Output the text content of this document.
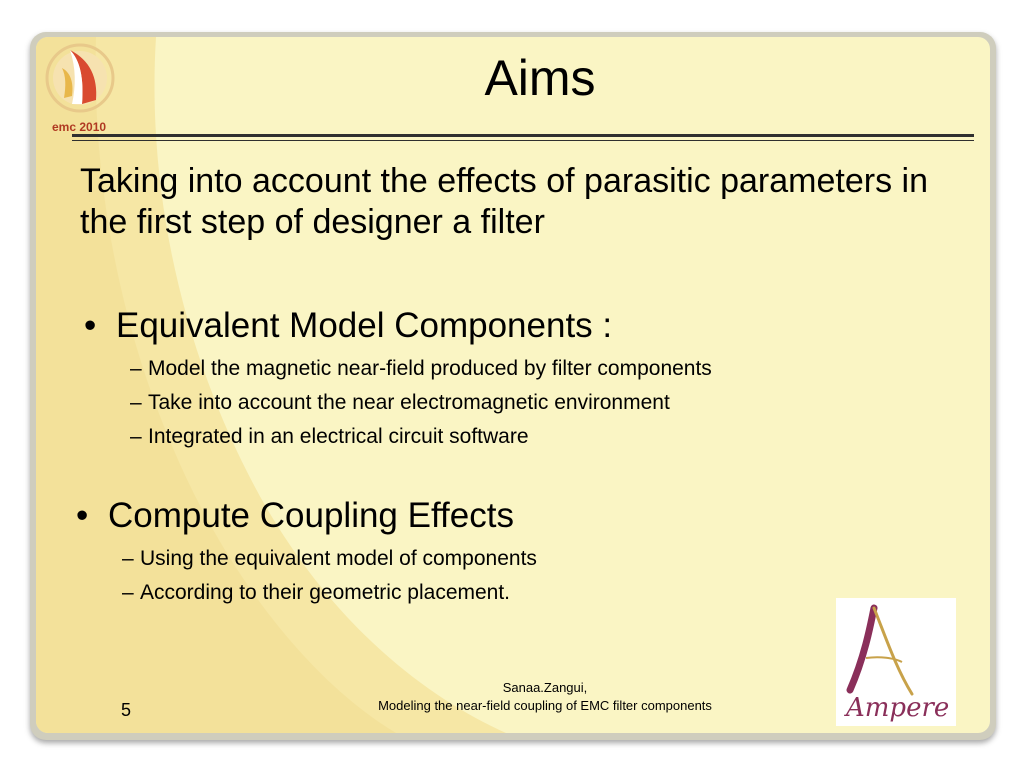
emc 2010
Aims
Taking into account the effects of parasitic parameters in the first step of designer a filter
• Equivalent Model Components :
– Model the magnetic near-field produced by filter components
– Take into account the near electromagnetic environment
– Integrated in an electrical circuit software
• Compute Coupling Effects
– Using the equivalent model of components
– According to their geometric placement.
5
Sanaa.Zangui,
Modeling the near-field coupling of EMC filter components	Ampere
